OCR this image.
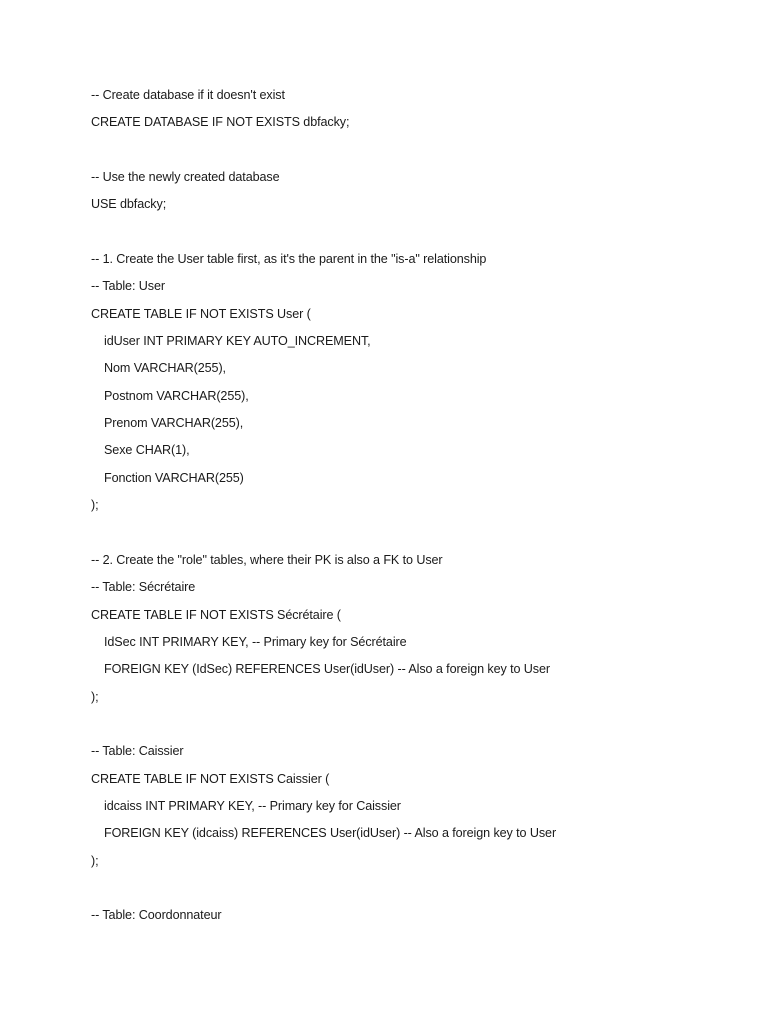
-- Create database if it doesn't exist
CREATE DATABASE IF NOT EXISTS dbfacky;
-- Use the newly created database
USE dbfacky;
-- 1. Create the User table first, as it's the parent in the "is-a" relationship
-- Table: User
CREATE TABLE IF NOT EXISTS User (
idUser INT PRIMARY KEY AUTO_INCREMENT,
Nom VARCHAR(255),
Postnom VARCHAR(255),
Prenom VARCHAR(255),
Sexe CHAR(1),
Fonction VARCHAR(255)
);
-- 2. Create the "role" tables, where their PK is also a FK to User
-- Table: Sécrétaire
CREATE TABLE IF NOT EXISTS Sécrétaire (
IdSec INT PRIMARY KEY, -- Primary key for Sécrétaire
FOREIGN KEY (IdSec) REFERENCES User(idUser) -- Also a foreign key to User
);
-- Table: Caissier
CREATE TABLE IF NOT EXISTS Caissier (
idcaiss INT PRIMARY KEY, -- Primary key for Caissier
FOREIGN KEY (idcaiss) REFERENCES User(idUser) -- Also a foreign key to User
);
-- Table: Coordonnateur
